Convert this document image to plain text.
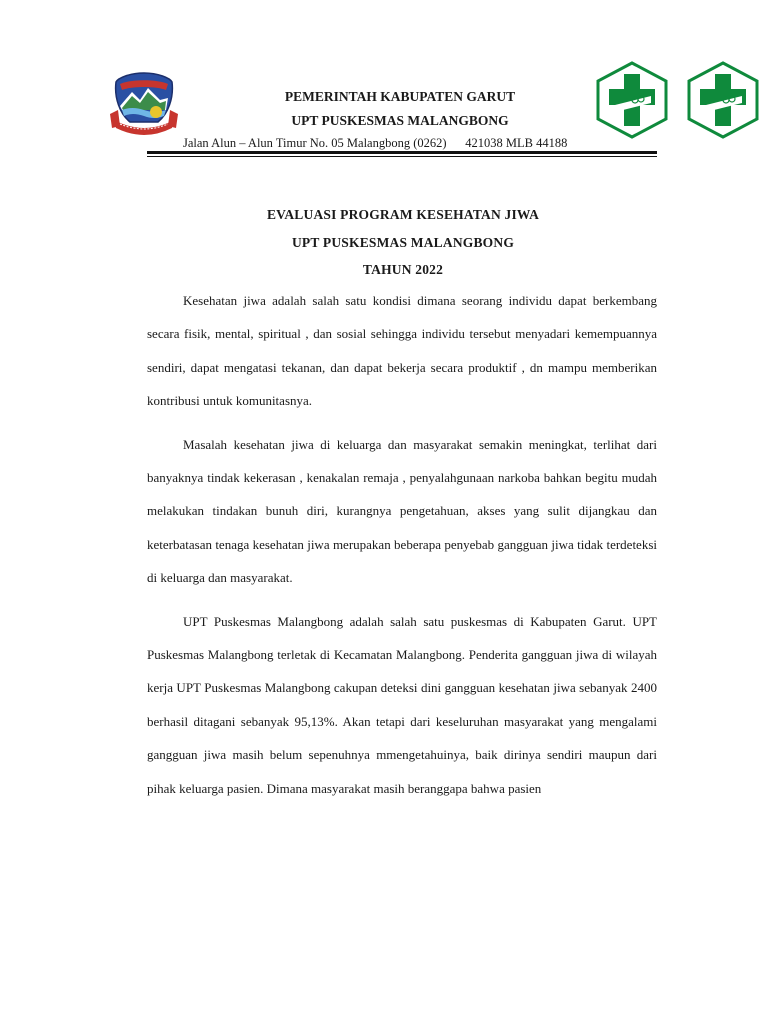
PEMERINTAH KABUPATEN GARUT
UPT PUSKESMAS MALANGBONG
Jalan Alun – Alun Timur No. 05 Malangbong (0262)      421038 MLB 44188
EVALUASI PROGRAM KESEHATAN JIWA
UPT PUSKESMAS MALANGBONG
TAHUN 2022

Kesehatan jiwa adalah salah satu kondisi dimana seorang individu dapat berkembang secara fisik, mental, spiritual , dan sosial sehingga individu tersebut menyadari kemempuannya sendiri, dapat mengatasi tekanan, dan dapat bekerja secara produktif , dn mampu memberikan kontribusi untuk komunitasnya.

Masalah kesehatan jiwa di keluarga dan masyarakat semakin meningkat, terlihat dari banyaknya tindak kekerasan , kenakalan remaja , penyalahgunaan narkoba bahkan begitu mudah melakukan tindakan bunuh diri, kurangnya pengetahuan, akses yang sulit dijangkau dan keterbatasan tenaga kesehatan jiwa merupakan beberapa penyebab gangguan jiwa tidak terdeteksi di keluarga dan masyarakat.

UPT Puskesmas Malangbong adalah salah satu puskesmas di Kabupaten Garut. UPT Puskesmas Malangbong terletak di Kecamatan Malangbong. Penderita gangguan jiwa di wilayah kerja UPT Puskesmas Malangbong cakupan deteksi dini gangguan kesehatan jiwa sebanyak 2400 berhasil ditagani sebanyak 95,13%. Akan tetapi dari keseluruhan masyarakat yang mengalami gangguan jiwa masih belum sepenuhnya mmengetahuinya, baik dirinya sendiri maupun dari pihak keluarga pasien. Dimana masyarakat masih beranggapa bahwa pasien
